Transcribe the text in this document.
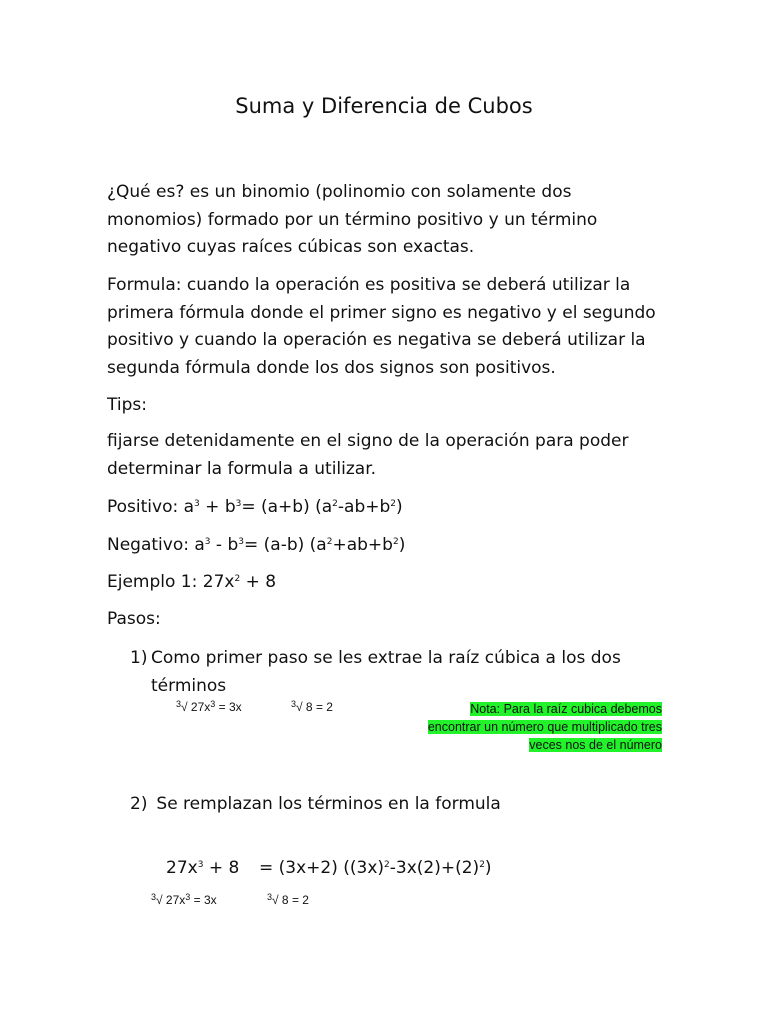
Suma y Diferencia de Cubos

¿Qué es? es un binomio (polinomio con solamente dos monomios) formado por un término positivo y un término negativo cuyas raíces cúbicas son exactas.

Formula: cuando la operación es positiva se deberá utilizar la primera fórmula donde el primer signo es negativo y el segundo positivo y cuando la operación es negativa se deberá utilizar la segunda fórmula donde los dos signos son positivos.

Tips:

fijarse detenidamente en el signo de la operación para poder determinar la formula a utilizar.

Positivo: $a^3 + b^3= (a+b)$ $(a^2-ab+b^2)$

Negativo: $a^3 - b^3= (a-b)$ $(a^2+ab+b^2)$

Ejemplo 1: $27x^2 + 8$

Pasos:

1) Como primer paso se les extrae la raíz cúbica a los dos términos

$^3$√ $27x^3 = 3x$	$^3$√ 8 = 2	Nota: Para la raíz cubica debemos
encontrar un número que multiplicado tres
veces nos de el número

2) Se remplazan los términos en la formula

$27x^3 + 8 = (3x+2)$ $((3x)^2-3x(2)+(2)^2)$

$^3$√ $27x^3 = 3x$	$^3$√ 8 = 2
